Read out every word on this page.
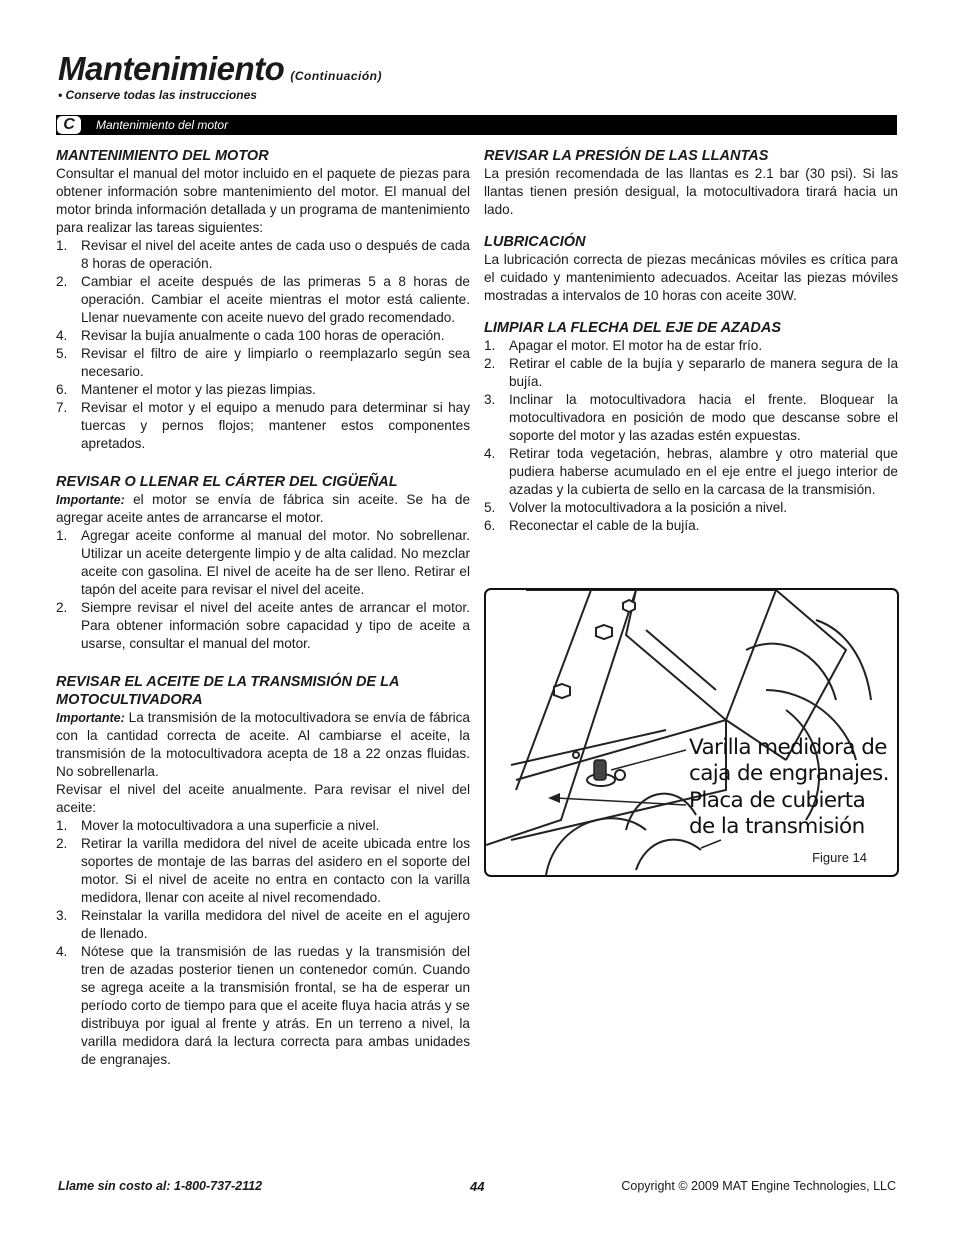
Mantenimiento (Continuación)
• Conserve todas las instrucciones
C	Mantenimiento del motor
MANTENIMIENTO DEL MOTOR

Consultar el manual del motor incluido en el paquete de piezas para obtener información sobre mantenimiento del motor. El manual del motor brinda información detallada y un programa de mantenimiento para realizar las tareas siguientes:

1. Revisar el nivel del aceite antes de cada uso o después de cada 8 horas de operación.
2. Cambiar el aceite después de las primeras 5 a 8 horas de operación. Cambiar el aceite mientras el motor está caliente. Llenar nuevamente con aceite nuevo del grado recomendado.
4. Revisar la bujía anualmente o cada 100 horas de operación.
5. Revisar el filtro de aire y limpiarlo o reemplazarlo según sea necesario.
6. Mantener el motor y las piezas limpias.
7. Revisar el motor y el equipo a menudo para determinar si hay tuercas y pernos flojos; mantener estos componentes apretados.
REVISAR O LLENAR EL CÁRTER DEL CIGÜEÑAL

Importante: el motor se envía de fábrica sin aceite. Se ha de agregar aceite antes de arrancarse el motor.

1. Agregar aceite conforme al manual del motor. No sobrellenar. Utilizar un aceite detergente limpio y de alta calidad. No mezclar aceite con gasolina. El nivel de aceite ha de ser lleno. Retirar el tapón del aceite para revisar el nivel del aceite.
2. Siempre revisar el nivel del aceite antes de arrancar el motor. Para obtener información sobre capacidad y tipo de aceite a usarse, consultar el manual del motor.
REVISAR EL ACEITE DE LA TRANSMISIÓN DE LA MOTOCULTIVADORA

Importante: La transmisión de la motocultivadora se envía de fábrica con la cantidad correcta de aceite. Al cambiarse el aceite, la transmisión de la motocultivadora acepta de 18 a 22 onzas fluidas. No sobrellenarla.

Revisar el nivel del aceite anualmente. Para revisar el nivel del aceite:

1. Mover la motocultivadora a una superficie a nivel.
2. Retirar la varilla medidora del nivel de aceite ubicada entre los soportes de montaje de las barras del asidero en el soporte del motor. Si el nivel de aceite no entra en contacto con la varilla medidora, llenar con aceite al nivel recomendado.
3. Reinstalar la varilla medidora del nivel de aceite en el agujero de llenado.
4. Nótese que la transmisión de las ruedas y la transmisión del tren de azadas posterior tienen un contenedor común. Cuando se agrega aceite a la transmisión frontal, se ha de esperar un período corto de tiempo para que el aceite fluya hacia atrás y se distribuya por igual al frente y atrás. En un terreno a nivel, la varilla medidora dará la lectura correcta para ambas unidades de engranajes.
REVISAR LA PRESIÓN DE LAS LLANTAS

La presión recomendada de las llantas es 2.1 bar (30 psi). Si las llantas tienen presión desigual, la motocultivadora tirará hacia un lado.

LUBRICACIÓN

La lubricación correcta de piezas mecánicas móviles es crítica para el cuidado y mantenimiento adecuados. Aceitar las piezas móviles mostradas a intervalos de 10 horas con aceite 30W.

LIMPIAR LA FLECHA DEL EJE DE AZADAS
1. Apagar el motor. El motor ha de estar frío.
2. Retirar el cable de la bujía y separarlo de manera segura de la bujía.
3. Inclinar la motocultivadora hacia el frente. Bloquear la motocultivadora en posición de modo que descanse sobre el soporte del motor y las azadas estén expuestas.
4. Retirar toda vegetación, hebras, alambre y otro material que pudiera haberse acumulado en el eje entre el juego interior de azadas y la cubierta de sello en la carcasa de la transmisión.
5. Volver la motocultivadora a la posición a nivel.
6. Reconectar el cable de la bujía.
Varilla medidora de
caja de engranajes.
Placa de cubierta
de la transmisión
Figure 14
Llame sin costo al: 1-800-737-2112	44	Copyright © 2009 MAT Engine Technologies, LLC
